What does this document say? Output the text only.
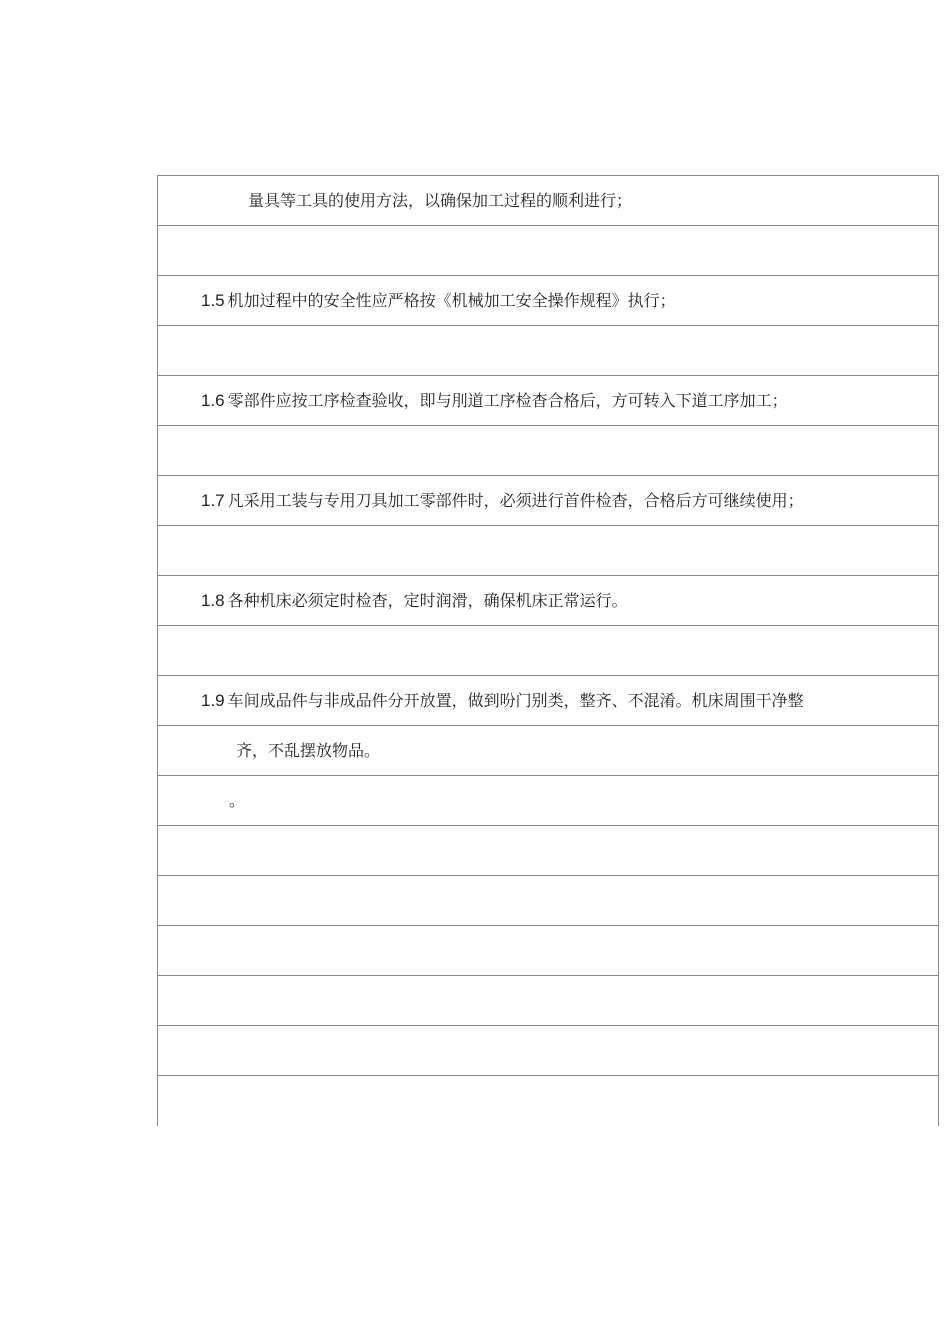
量具等工具的使用方法，以确保加工过程的顺利进行；
1.5 机加过程中的安全性应严格按《机械加工安全操作规程》执行；
1.6 零部件应按工序检查验收，即与刖道工序检杳合格后，方可转入下道工序加工；
1.7 凡采用工装与专用刀具加工零部件时，必须进行首件检杳，合格后方可继续使用；
1.8 各种机床必须定时检杳，定时润滑，确保机床正常运行。
1.9 车间成品件与非成品件分开放置，做到吩门别类，整齐、不混淆。机床周围干净整
齐，不乱摆放物品。
。
